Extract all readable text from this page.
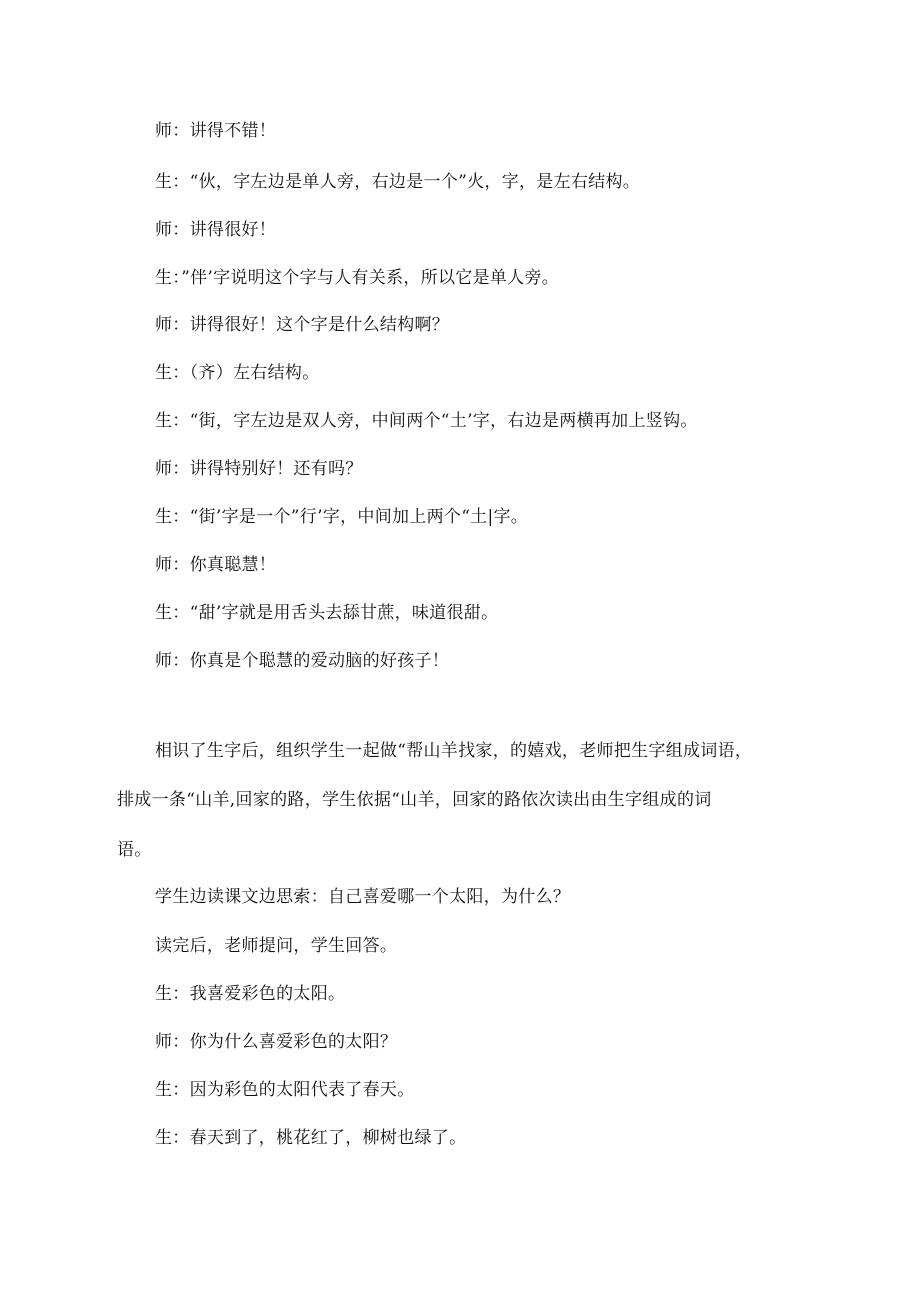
师：讲得不错！
生：“伙，字左边是单人旁，右边是一个”火，字，是左右结构。
师：讲得很好！
生：”伴’字说明这个字与人有关系，所以它是单人旁。
师：讲得很好！这个字是什么结构啊？
生：（齐）左右结构。
生：“街，字左边是双人旁，中间两个“土’字，右边是两横再加上竖钩。
师：讲得特别好！还有吗？
生：“街’字是一个”行’字，中间加上两个“土|字。
师：你真聪慧！
生：“甜’字就是用舌头去舔甘蔗，味道很甜。
师：你真是个聪慧的爱动脑的好孩子！
相识了生字后，组织学生一起做“帮山羊找家，的嬉戏，老师把生字组成词语，
排成一条“山羊,回家的路，学生依据“山羊，回家的路依次读出由生字组成的词
语。
学生边读课文边思索：自己喜爱哪一个太阳，为什么？
读完后，老师提问，学生回答。
生：我喜爱彩色的太阳。
师：你为什么喜爱彩色的太阳？
生：因为彩色的太阳代表了春天。
生：春天到了，桃花红了，柳树也绿了。
